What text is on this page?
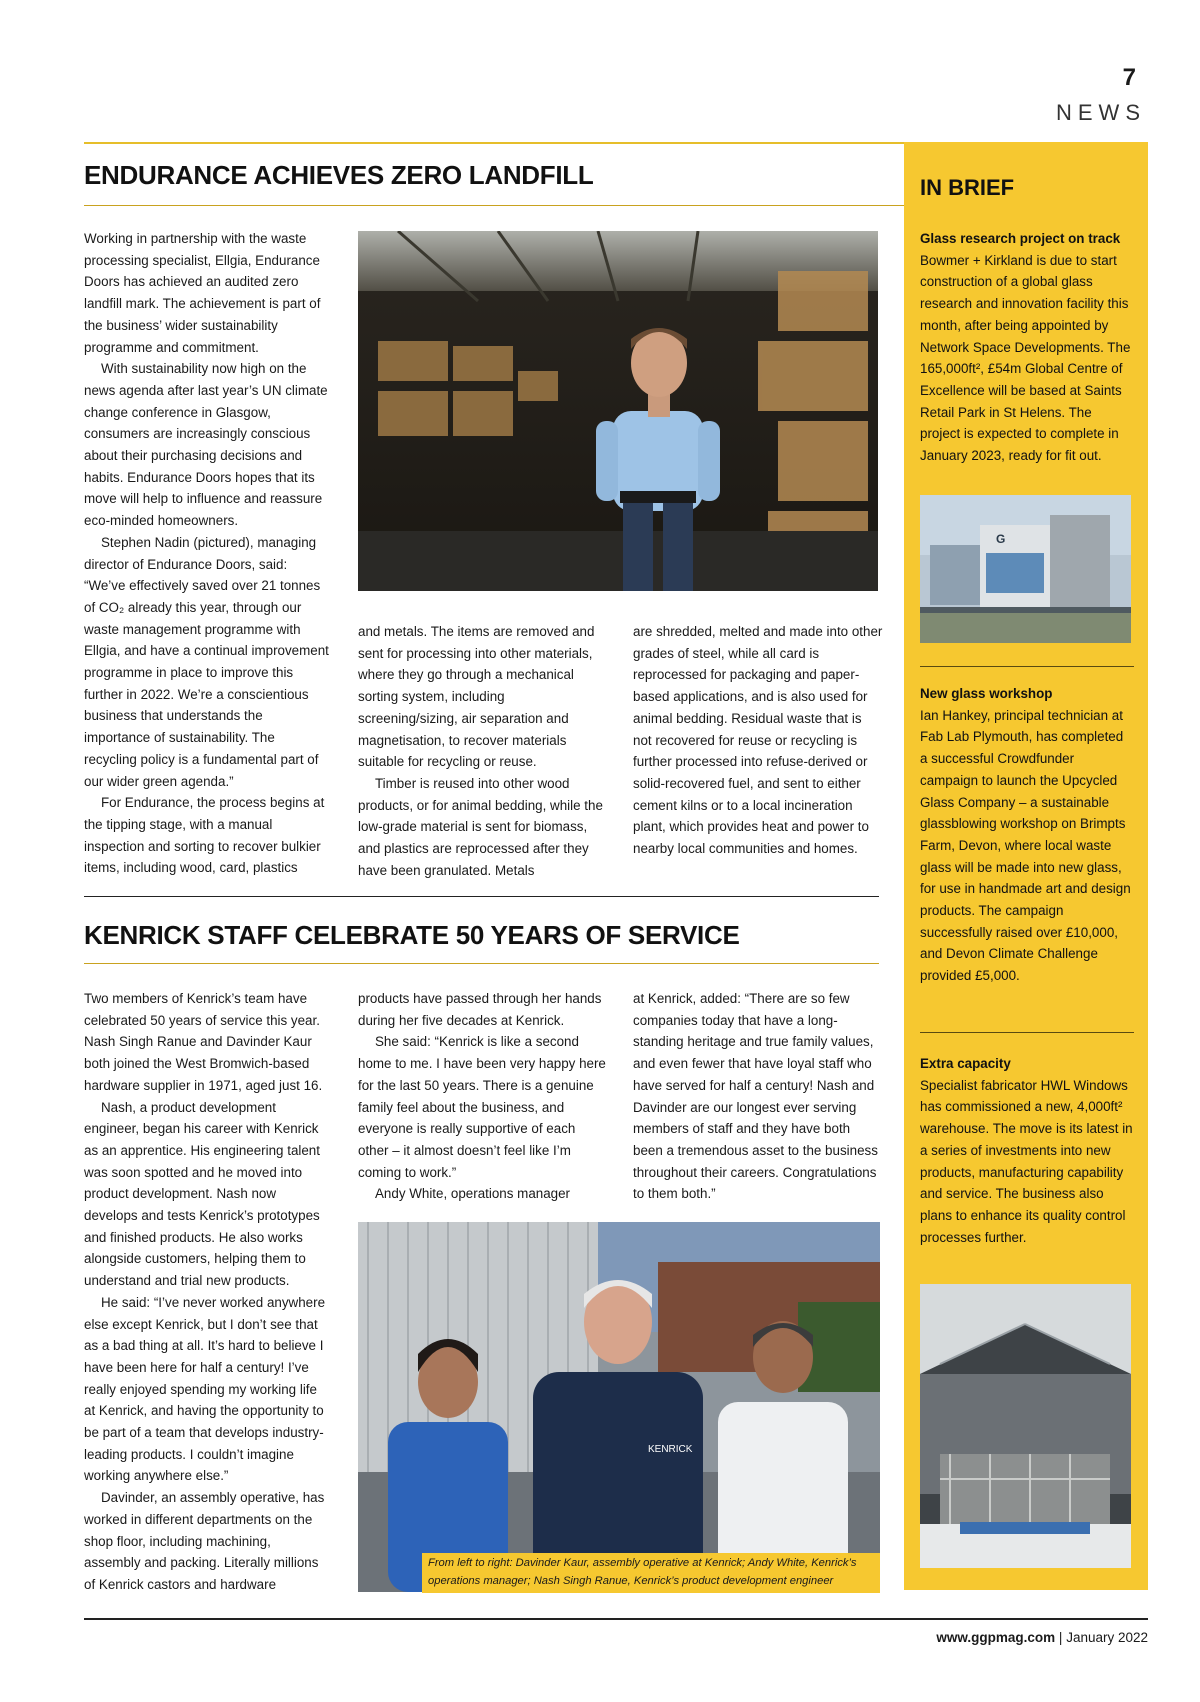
7
NEWS
ENDURANCE ACHIEVES ZERO LANDFILL

Working in partnership with the waste processing specialist, Ellgia, Endurance Doors has achieved an audited zero landfill mark. The achievement is part of the business’ wider sustainability programme and commitment.

With sustainability now high on the news agenda after last year’s UN climate change conference in Glasgow, consumers are increasingly conscious about their purchasing decisions and habits. Endurance Doors hopes that its move will help to influence and reassure eco-minded homeowners.

Stephen Nadin (pictured), managing director of Endurance Doors, said: “We’ve effectively saved over 21 tonnes of CO₂ already this year, through our waste management programme with Ellgia, and have a continual improvement programme in place to improve this further in 2022. We’re a conscientious business that understands the importance of sustainability. The recycling policy is a fundamental part of our wider green agenda.”

For Endurance, the process begins at the tipping stage, with a manual inspection and sorting to recover bulkier items, including wood, card, plastics

and metals. The items are removed and sent for processing into other materials, where they go through a mechanical sorting system, including screening/sizing, air separation and magnetisation, to recover materials suitable for recycling or reuse.

Timber is reused into other wood products, or for animal bedding, while the low-grade material is sent for biomass, and plastics are reprocessed after they have been granulated. Metals

are shredded, melted and made into other grades of steel, while all card is reprocessed for packaging and paper-based applications, and is also used for animal bedding. Residual waste that is not recovered for reuse or recycling is further processed into refuse-derived or solid-recovered fuel, and sent to either cement kilns or to a local incineration plant, which provides heat and power to nearby local communities and homes.

KENRICK STAFF CELEBRATE 50 YEARS OF SERVICE

Two members of Kenrick’s team have celebrated 50 years of service this year. Nash Singh Ranue and Davinder Kaur both joined the West Bromwich-based hardware supplier in 1971, aged just 16.

Nash, a product development engineer, began his career with Kenrick as an apprentice. His engineering talent was soon spotted and he moved into product development. Nash now develops and tests Kenrick’s prototypes and finished products. He also works alongside customers, helping them to understand and trial new products.

He said: “I’ve never worked anywhere else except Kenrick, but I don’t see that as a bad thing at all. It’s hard to believe I have been here for half a century! I’ve really enjoyed spending my working life at Kenrick, and having the opportunity to be part of a team that develops industry-leading products. I couldn’t imagine working anywhere else.”

Davinder, an assembly operative, has worked in different departments on the shop floor, including machining, assembly and packing. Literally millions of Kenrick castors and hardware

products have passed through her hands during her five decades at Kenrick.

She said: “Kenrick is like a second home to me. I have been very happy here for the last 50 years. There is a genuine family feel about the business, and everyone is really supportive of each other – it almost doesn’t feel like I’m coming to work.”

Andy White, operations manager

at Kenrick, added: “There are so few companies today that have a long-standing heritage and true family values, and even fewer that have loyal staff who have served for half a century! Nash and Davinder are our longest ever serving members of staff and they have both been a tremendous asset to the business throughout their careers. Congratulations to them both.”

KENRICK
From left to right: Davinder Kaur, assembly operative at Kenrick; Andy White, Kenrick’s operations manager; Nash Singh Ranue, Kenrick’s product development engineer
IN BRIEF
Glass research project on track
Bowmer + Kirkland is due to start construction of a global glass research and innovation facility this month, after being appointed by Network Space Developments. The 165,000ft², £54m Global Centre of Excellence will be based at Saints Retail Park in St Helens. The project is expected to complete in January 2023, ready for fit out.
G
New glass workshop
Ian Hankey, principal technician at Fab Lab Plymouth, has completed a successful Crowdfunder campaign to launch the Upcycled Glass Company – a sustainable glassblowing workshop on Brimpts Farm, Devon, where local waste glass will be made into new glass, for use in handmade art and design products. The campaign successfully raised over £10,000, and Devon Climate Challenge provided £5,000.
Extra capacity
Specialist fabricator HWL Windows has commissioned a new, 4,000ft² warehouse. The move is its latest in a series of investments into new products, manufacturing capability and service. The business also plans to enhance its quality control processes further.
www.ggpmag.com | January 2022
